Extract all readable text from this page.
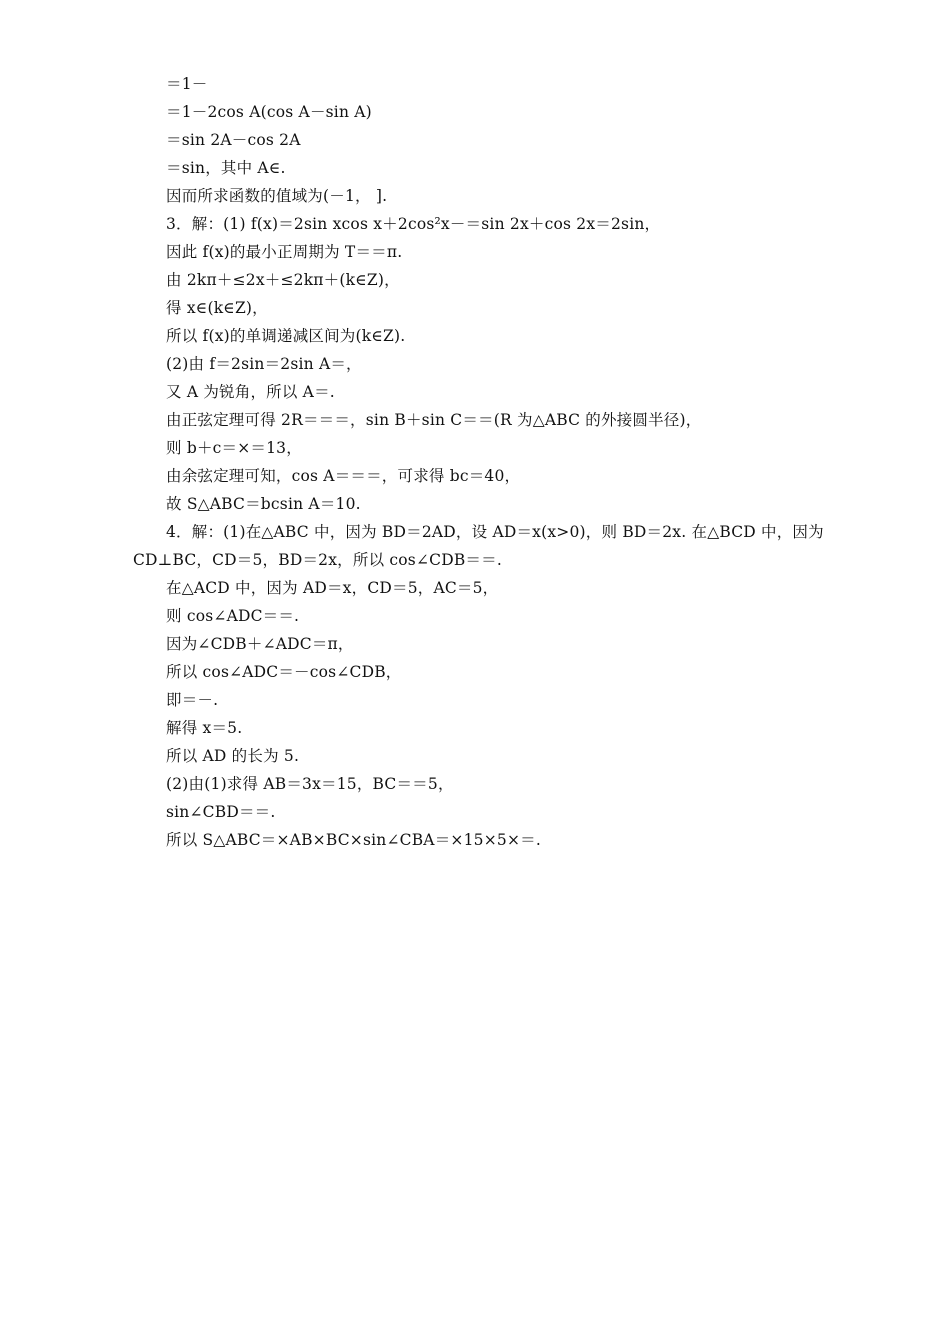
＝1－
＝1－2cos A(cos A－sin A)
＝sin 2A－cos 2A
＝sin，其中 A∈.
因而所求函数的值域为(－1， ].
3．解：(1) f(x)＝2sin xcos x＋2cos²x－＝sin 2x＋cos 2x＝2sin，
因此 f(x)的最小正周期为 T＝＝π.
由 2kπ＋≤2x＋≤2kπ＋(k∈Z)，
得 x∈(k∈Z)，
所以 f(x)的单调递减区间为(k∈Z).
(2)由 f＝2sin＝2sin A＝，
又 A 为锐角，所以 A＝.
由正弦定理可得 2R＝＝＝，sin B＋sin C＝＝(R 为△ABC 的外接圆半径)，
则 b＋c＝×＝13，
由余弦定理可知，cos A＝＝＝，可求得 bc＝40，
故 S△ABC＝bcsin A＝10.
4．解：(1)在△ABC 中，因为 BD＝2AD，设 AD＝x(x>0)，则 BD＝2x. 在△BCD 中，因为
CD⊥BC，CD＝5，BD＝2x，所以 cos∠CDB＝＝.
在△ACD 中，因为 AD＝x，CD＝5，AC＝5，
则 cos∠ADC＝＝.
因为∠CDB＋∠ADC＝π，
所以 cos∠ADC＝－cos∠CDB，
即＝－.
解得 x＝5.
所以 AD 的长为 5.
(2)由(1)求得 AB＝3x＝15，BC＝＝5，
sin∠CBD＝＝.
所以 S△ABC＝×AB×BC×sin∠CBA＝×15×5×＝.
